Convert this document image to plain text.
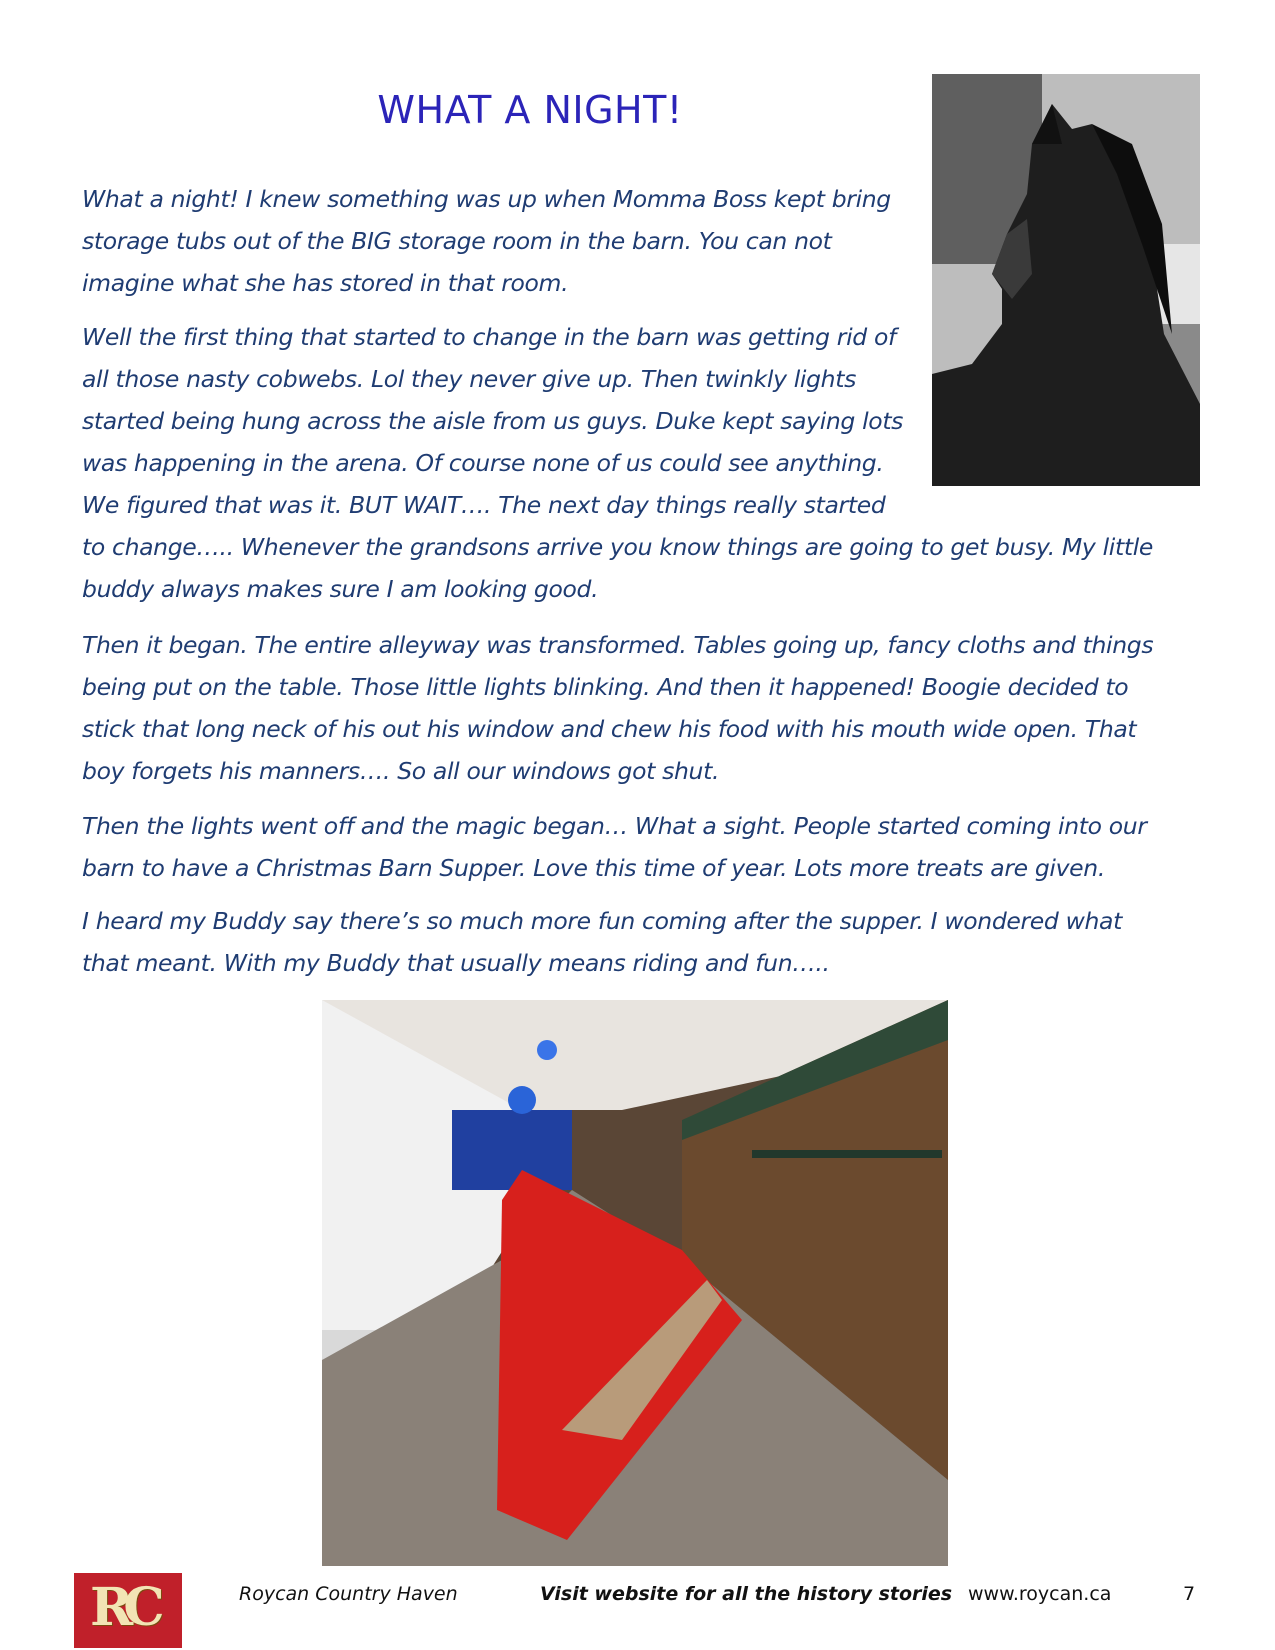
WHAT A NIGHT!

What a night! I knew something was up when Momma Boss kept bring
storage tubs out of the BIG storage room in the barn. You can not
imagine what she has stored in that room.

Well the first thing that started to change in the barn was getting rid of
all those nasty cobwebs. Lol they never give up. Then twinkly lights
started being hung across the aisle from us guys. Duke kept saying lots
was happening in the arena. Of course none of us could see anything.
We figured that was it. BUT WAIT…. The next day things really started
to change….. Whenever the grandsons arrive you know things are going to get busy. My little
buddy always makes sure I am looking good.

Then it began. The entire alleyway was transformed. Tables going up, fancy cloths and things
being put on the table. Those little lights blinking. And then it happened! Boogie decided to
stick that long neck of his out his window and chew his food with his mouth wide open. That
boy forgets his manners…. So all our windows got shut.

Then the lights went off and the magic began… What a sight. People started coming into our
barn to have a Christmas Barn Supper. Love this time of year. Lots more treats are given.

I heard my Buddy say there’s so much more fun coming after the supper. I wondered what
that meant. With my Buddy that usually means riding and fun…..

RC	Roycan Country Haven	Visit website for all the history stories www.roycan.ca	7
